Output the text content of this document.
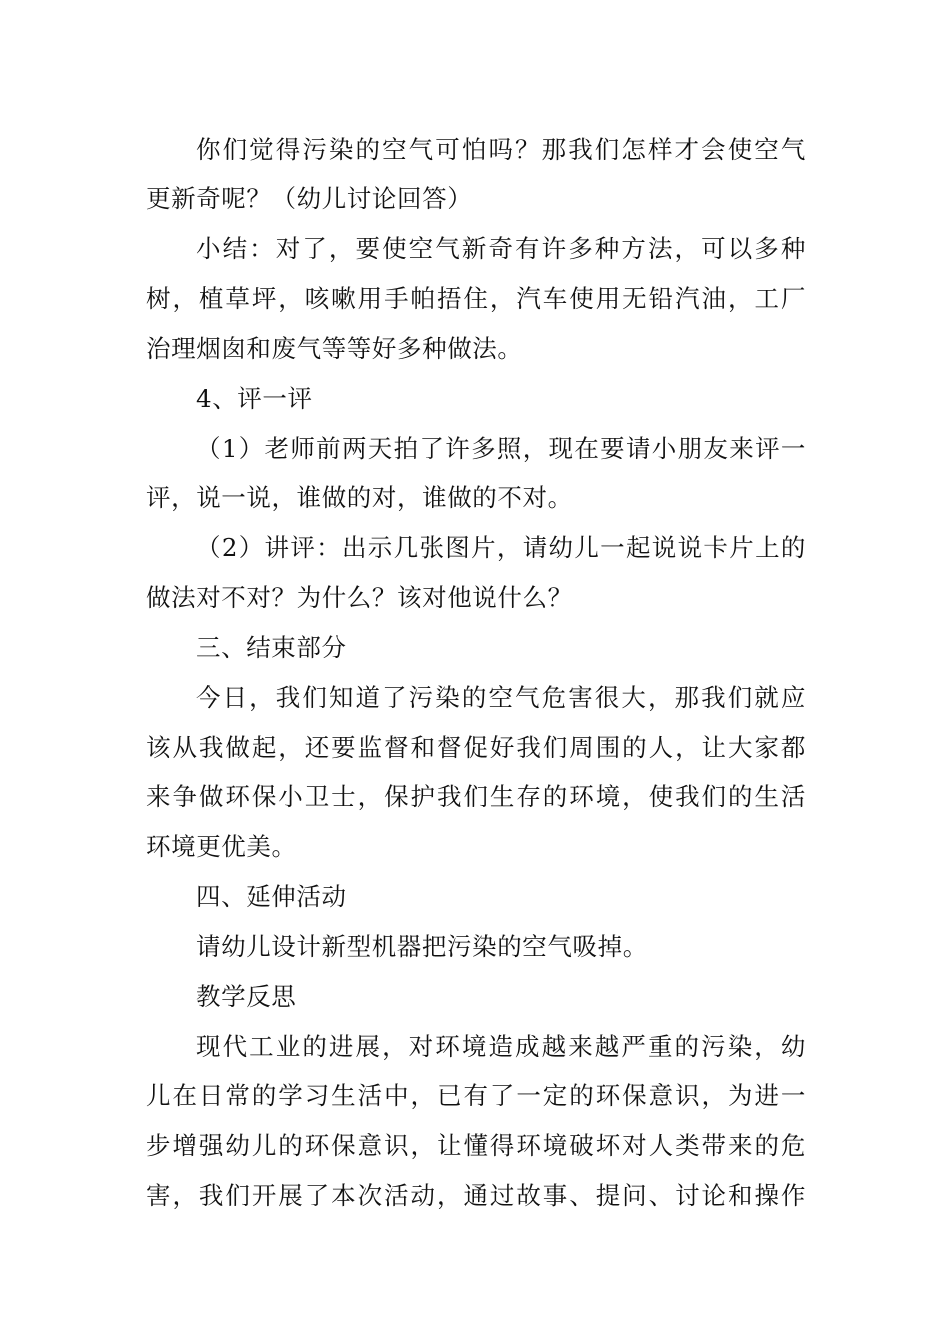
你们觉得污染的空气可怕吗？那我们怎样才会使空气
更新奇呢？（幼儿讨论回答）
小结：对了，要使空气新奇有许多种方法，可以多种
树，植草坪，咳嗽用手帕捂住，汽车使用无铅汽油，工厂
治理烟囱和废气等等好多种做法。
4、评一评
（1）老师前两天拍了许多照，现在要请小朋友来评一
评，说一说，谁做的对，谁做的不对。
（2）讲评：出示几张图片，请幼儿一起说说卡片上的
做法对不对？为什么？该对他说什么？
三、结束部分
今日，我们知道了污染的空气危害很大，那我们就应
该从我做起，还要监督和督促好我们周围的人，让大家都
来争做环保小卫士，保护我们生存的环境，使我们的生活
环境更优美。
四、延伸活动
请幼儿设计新型机器把污染的空气吸掉。
教学反思
现代工业的进展，对环境造成越来越严重的污染，幼
儿在日常的学习生活中，已有了一定的环保意识，为进一
步增强幼儿的环保意识，让懂得环境破坏对人类带来的危
害，我们开展了本次活动，通过故事、提问、讨论和操作
